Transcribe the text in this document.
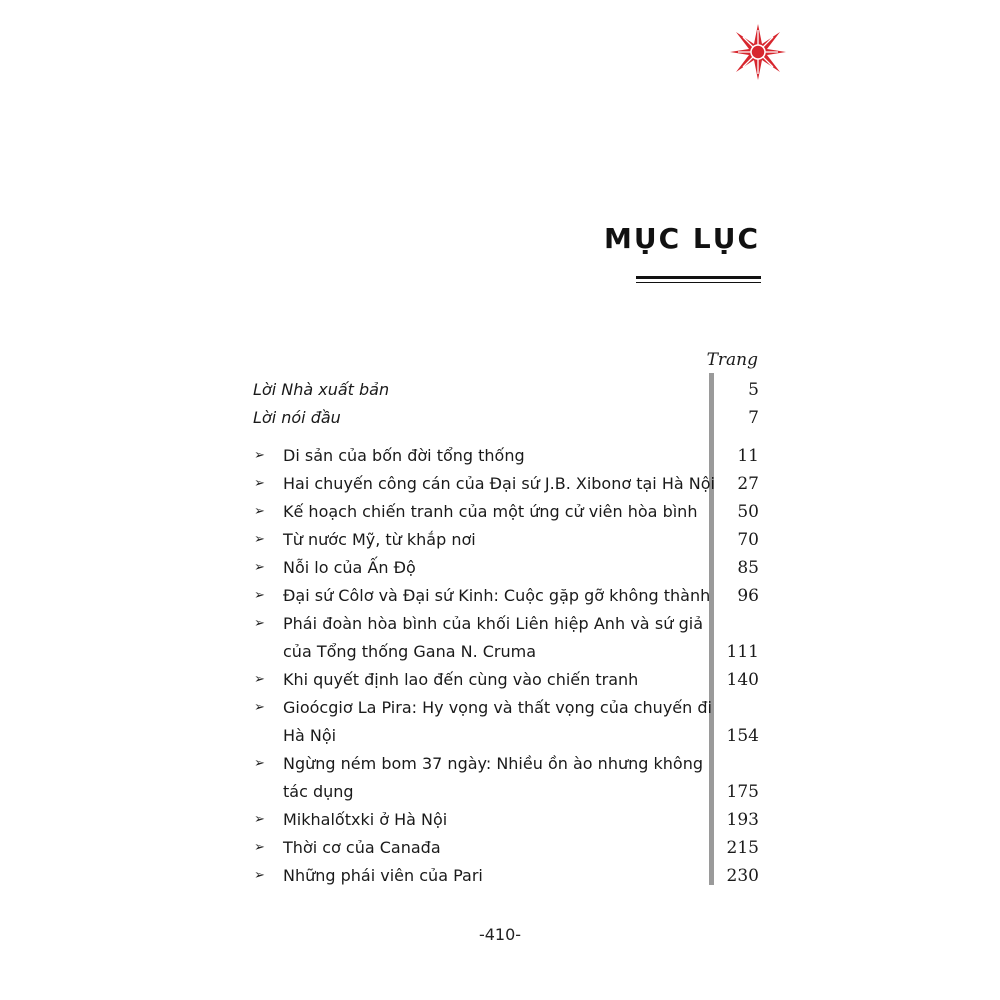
MỤC LỤC
Trang
Lời Nhà xuất bản	5
Lời nói đầu	7
➢ Di sản của bốn đời tổng thống	11
➢ Hai chuyến công cán của Đại sứ J.B. Xibonơ tại Hà Nội 27
➢ Kế hoạch chiến tranh của một ứng cử viên hòa bình	50
➢ Từ nước Mỹ, từ khắp nơi	70
➢ Nỗi lo của Ấn Độ	85
➢ Đại sứ Côlơ và Đại sứ Kinh: Cuộc gặp gỡ không thành 96
➢ Phái đoàn hòa bình của khối Liên hiệp Anh và sứ giả
của Tổng thống Gana N. Cruma	111
➢ Khi quyết định lao đến cùng vào chiến tranh	140
➢ Gioócgiơ La Pira: Hy vọng và thất vọng của chuyến đi
Hà Nội	154
➢ Ngừng ném bom 37 ngày: Nhiều ồn ào nhưng không
tác dụng	175
➢ Mikhalốtxki ở Hà Nội	193
➢ Thời cơ của Canađa	215
➢ Những phái viên của Pari	230
-410-
